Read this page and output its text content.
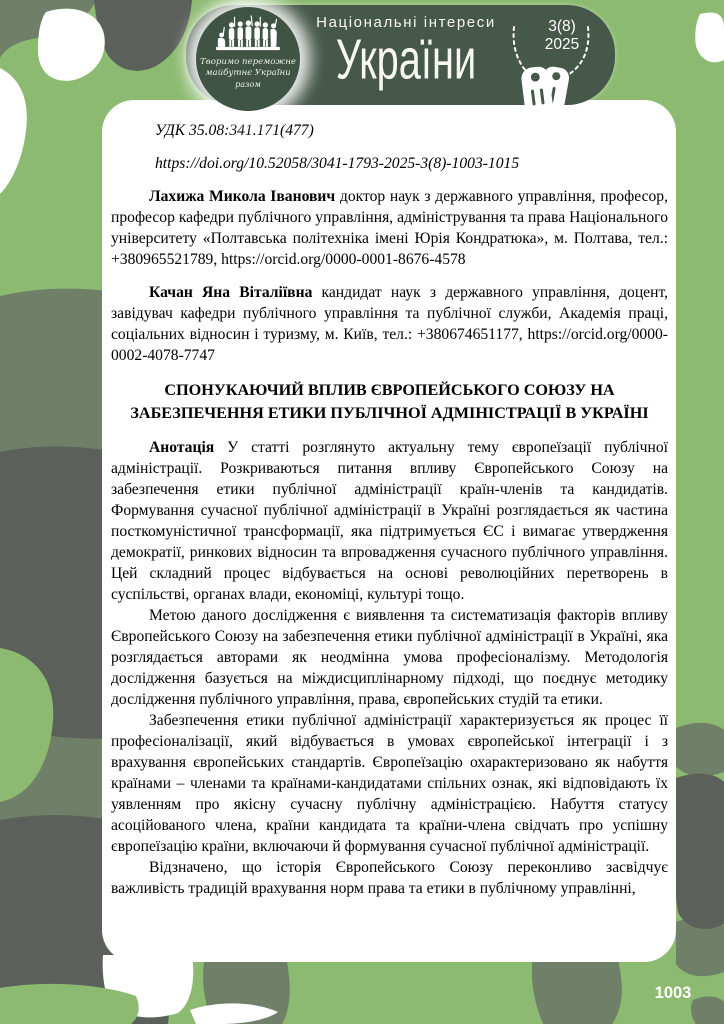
УДК 35.08:341.171(477)

https://doi.org/10.52058/3041-1793-2025-3(8)-1003-1015

Лахижа Микола Іванович доктор наук з державного управління, професор, професор кафедри публічного управління, адміністрування та права Національного університету «Полтавська політехніка імені Юрія Кондратюка», м. Полтава, тел.: +380965521789, https://orcid.org/0000-0001-8676-4578

Качан Яна Віталіївна кандидат наук з державного управління, доцент, завідувач кафедри публічного управління та публічної служби, Академія праці, соціальних відносин і туризму, м. Київ, тел.: +380674651177, https://orcid.org/0000-0002-4078-7747

СПОНУКАЮЧИЙ ВПЛИВ ЄВРОПЕЙСЬКОГО СОЮЗУ НА ЗАБЕЗПЕЧЕННЯ ЕТИКИ ПУБЛІЧНОЇ АДМІНІСТРАЦІЇ В УКРАЇНІ

Анотація У статті розглянуто актуальну тему європеїзації публічної адміністрації. Розкриваються питання впливу Європейського Союзу на забезпечення етики публічної адміністрації країн-членів та кандидатів. Формування сучасної публічної адміністрації в Україні розглядається як частина посткомуністичної трансформації, яка підтримується ЄС і вимагає утвердження демократії, ринкових відносин та впровадження сучасного публічного управління. Цей складний процес відбувається на основі революційних перетворень в суспільстві, органах влади, економіці, культурі тощо.

Метою даного дослідження є виявлення та систематизація факторів впливу Європейського Союзу на забезпечення етики публічної адміністрації в Україні, яка розглядається авторами як неодмінна умова професіоналізму. Методологія дослідження базується на міждисциплінарному підході, що поєднує методику дослідження публічного управління, права, європейських студій та етики.

Забезпечення етики публічної адміністрації характеризується як процес її професіоналізації, який відбувається в умовах європейської інтеграції і з врахування європейських стандартів. Європеїзацію охарактеризовано як набуття країнами – членами та країнами-кандидатами спільних ознак, які відповідають їх уявленням про якісну сучасну публічну адміністрацією. Набуття статусу асоційованого члена, країни кандидата та країни-члена свідчать про успішну європеїзацію країни, включаючи й формування сучасної публічної адміністрації.

Відзначено, що історія Європейського Союзу переконливо засвідчує важливість традицій врахування норм права та етики в публічному управлінні,

Національні інтереси
України
3(8)
2025
Творимо переможне
майбутнє України
разом
1003
